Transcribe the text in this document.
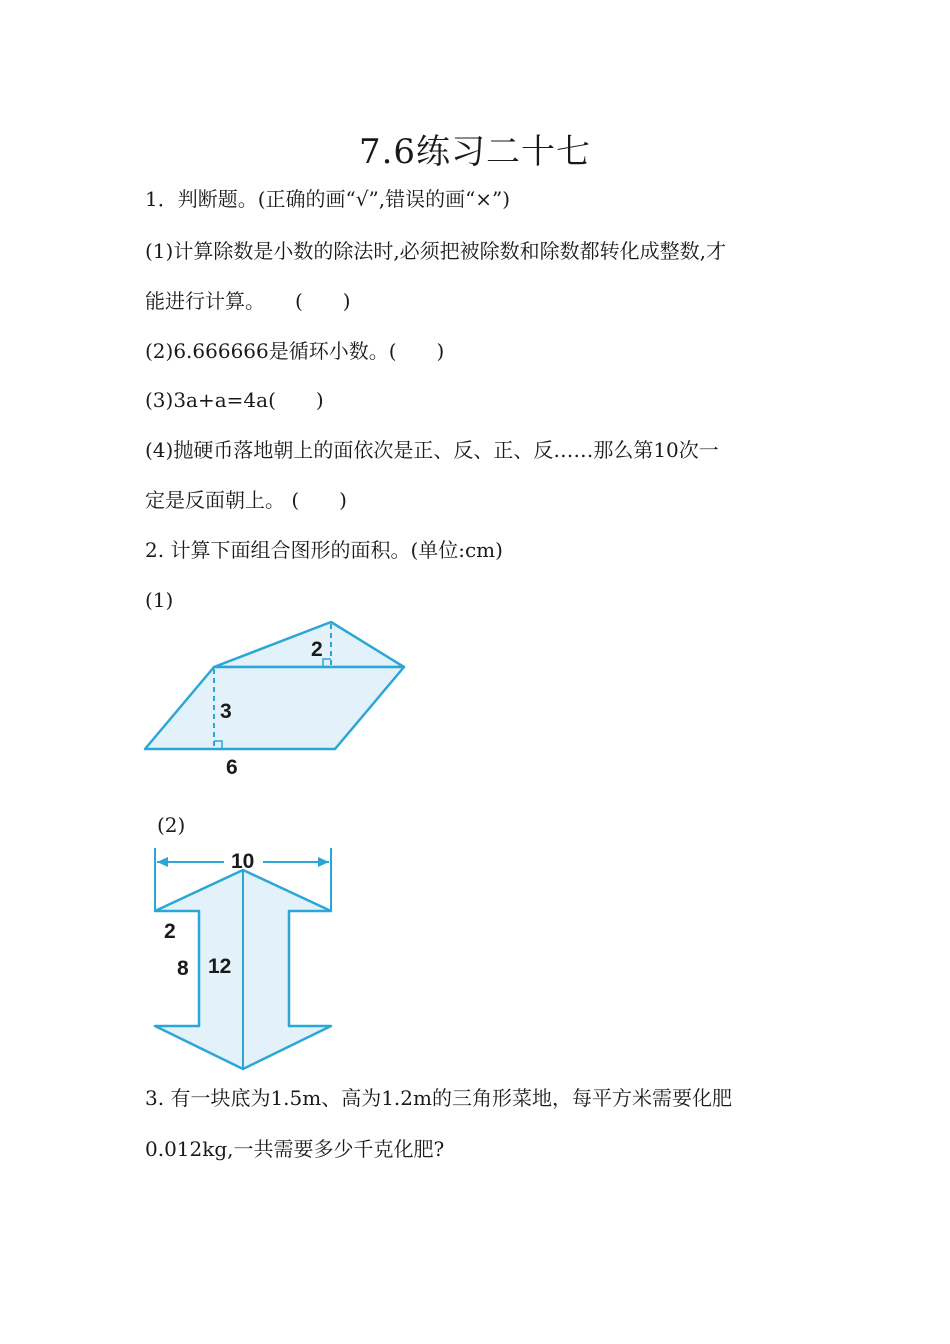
7.6练习二十七
1．判断题。(正确的画“√”,错误的画“×”)
(1)计算除数是小数的除法时,必须把被除数和除数都转化成整数,才
能进行计算。　　(　　)
(2)6.666666是循环小数。(　　)
(3)3a+a=4a(　　)
(4)抛硬币落地朝上的面依次是正、反、正、反……那么第10次一
定是反面朝上。 (　　)
2. 计算下面组合图形的面积。(单位:cm)
(1)
2
3
6
(2)
10
2
8 12
3. 有一块底为1.5m、高为1.2m的三角形菜地，每平方米需要化肥
0.012kg,一共需要多少千克化肥?
